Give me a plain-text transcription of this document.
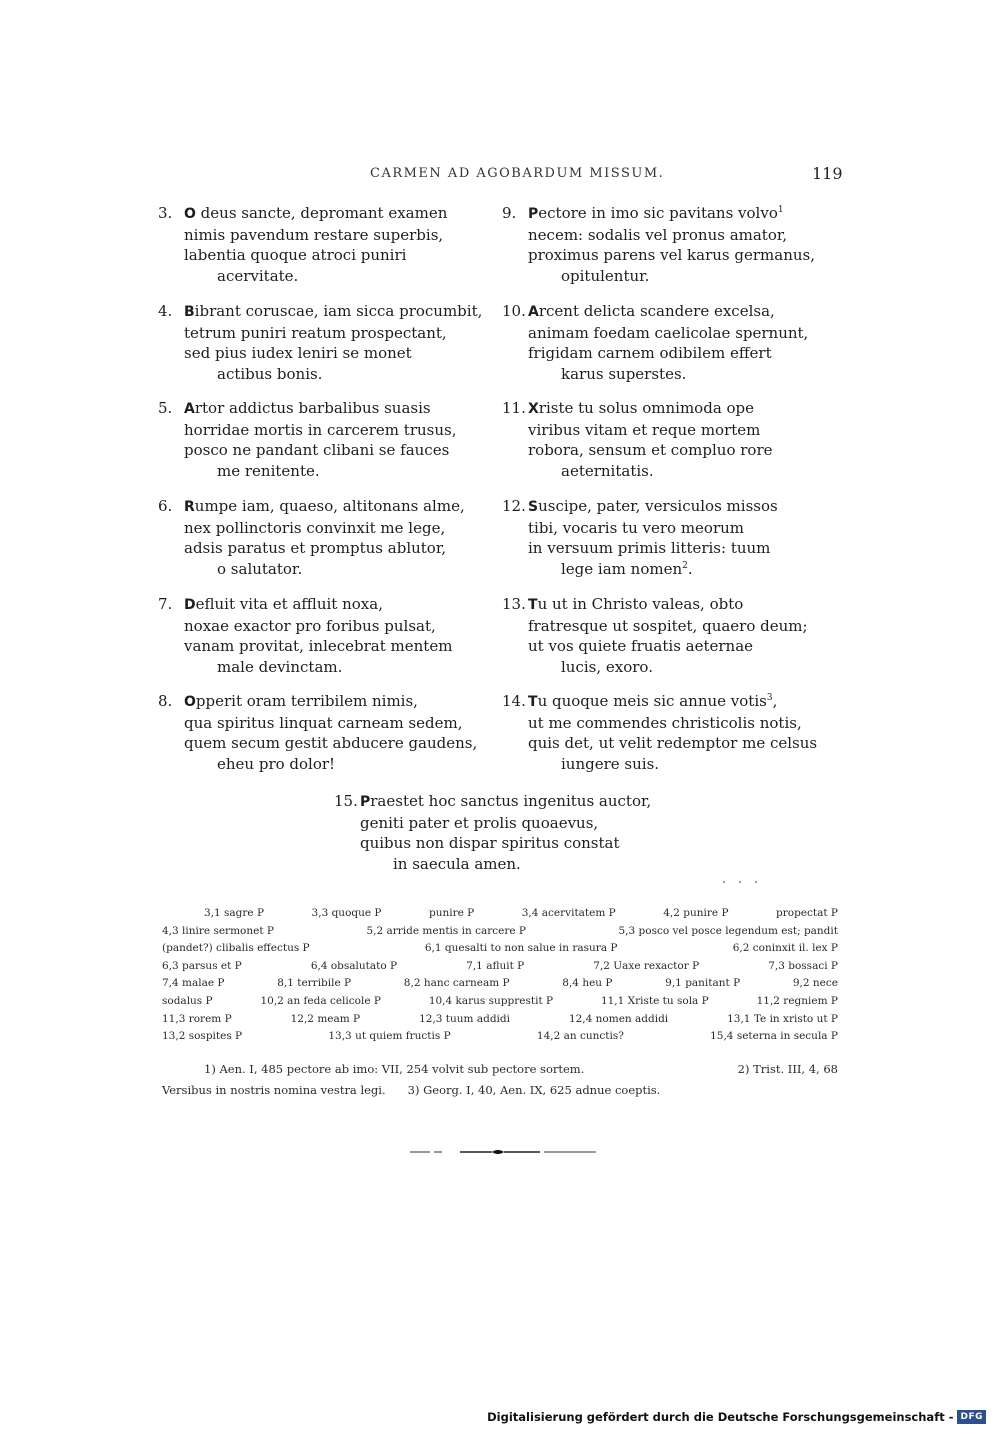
CARMEN AD AGOBARDUM MISSUM.	119
3. O deus sancte, depromant examen
nimis pavendum restare superbis,
labentia quoque atroci puniri
acervitate.
4. Bibrant coruscae, iam sicca procumbit,
tetrum puniri reatum prospectant,
sed pius iudex leniri se monet
actibus bonis.
5. Artor addictus barbalibus suasis
horridae mortis in carcerem trusus,
posco ne pandant clibani se fauces
me renitente.
6. Rumpe iam, quaeso, altitonans alme,
nex pollinctoris convinxit me lege,
adsis paratus et promptus ablutor,
o salutator.
7. Defluit vita et affluit noxa,
noxae exactor pro foribus pulsat,
vanam provitat, inlecebrat mentem
male devinctam.
8. Opperit oram terribilem nimis,
qua spiritus linquat carneam sedem,
quem secum gestit abducere gaudens,
eheu pro dolor!
9. Pectore in imo sic pavitans volvo$^1$
necem: sodalis vel pronus amator,
proximus parens vel karus germanus,
opitulentur.
10. Arcent delicta scandere excelsa,
animam foedam caelicolae spernunt,
frigidam carnem odibilem effert
karus superstes.
11. Xriste tu solus omnimoda ope
viribus vitam et reque mortem
robora, sensum et compluo rore
aeternitatis.
12. Suscipe, pater, versiculos missos
tibi, vocaris tu vero meorum
in versuum primis litteris: tuum
lege iam nomen$^2$.
13. Tu ut in Christo valeas, obto
fratresque ut sospitet, quaero deum;
ut vos quiete fruatis aeternae
lucis, exoro.
14. Tu quoque meis sic annue votis$^3$,
ut me commendes christicolis notis,
quis det, ut velit redemptor me celsus
iungere suis.
15. Praestet hoc sanctus ingenitus auctor,
geniti pater et prolis quoaevus,
quibus non dispar spiritus constat
in saecula amen.
3,1 sagre P	3,3 quoque P	punire P	3,4 acervitatem P	4,2 punire P	propectat P
4,3 linire sermonet P	5,2 arride mentis in carcere P	5,3 posco vel posce legendum est; pandit
(pandet?) clibalis effectus P	6,1 quesalti to non salue in rasura P	6,2 coninxit il. lex P
6,3 parsus et P	6,4 obsalutato P	7,1 afluit P	7,2 Uaxe rexactor P	7,3 bossaci P
7,4 malae P	8,1 terribile P	8,2 hanc carneam P	8,4 heu P	9,1 panitant P	9,2 nece
sodalus P	10,2 an feda celicole P	10,4 karus supprestit P	11,1 Xriste tu sola P	11,2 regniem P
11,3 rorem P	12,2 meam P	12,3 tuum addidi	12,4 nomen addidi	13,1 Te in xristo ut P
13,2 sospites P	13,3 ut quiem fructis P	14,2 an cunctis?	15,4 seterna in secula P
1) Aen. I, 485 pectore ab imo: VII, 254 volvit sub pectore sortem.	2) Trist. III, 4, 68
Versibus in nostris nomina vestra legi. 3) Georg. I, 40, Aen. IX, 625 adnue coeptis.
Digitalisierung gefördert durch die Deutsche Forschungsgemeinschaft - DFG
